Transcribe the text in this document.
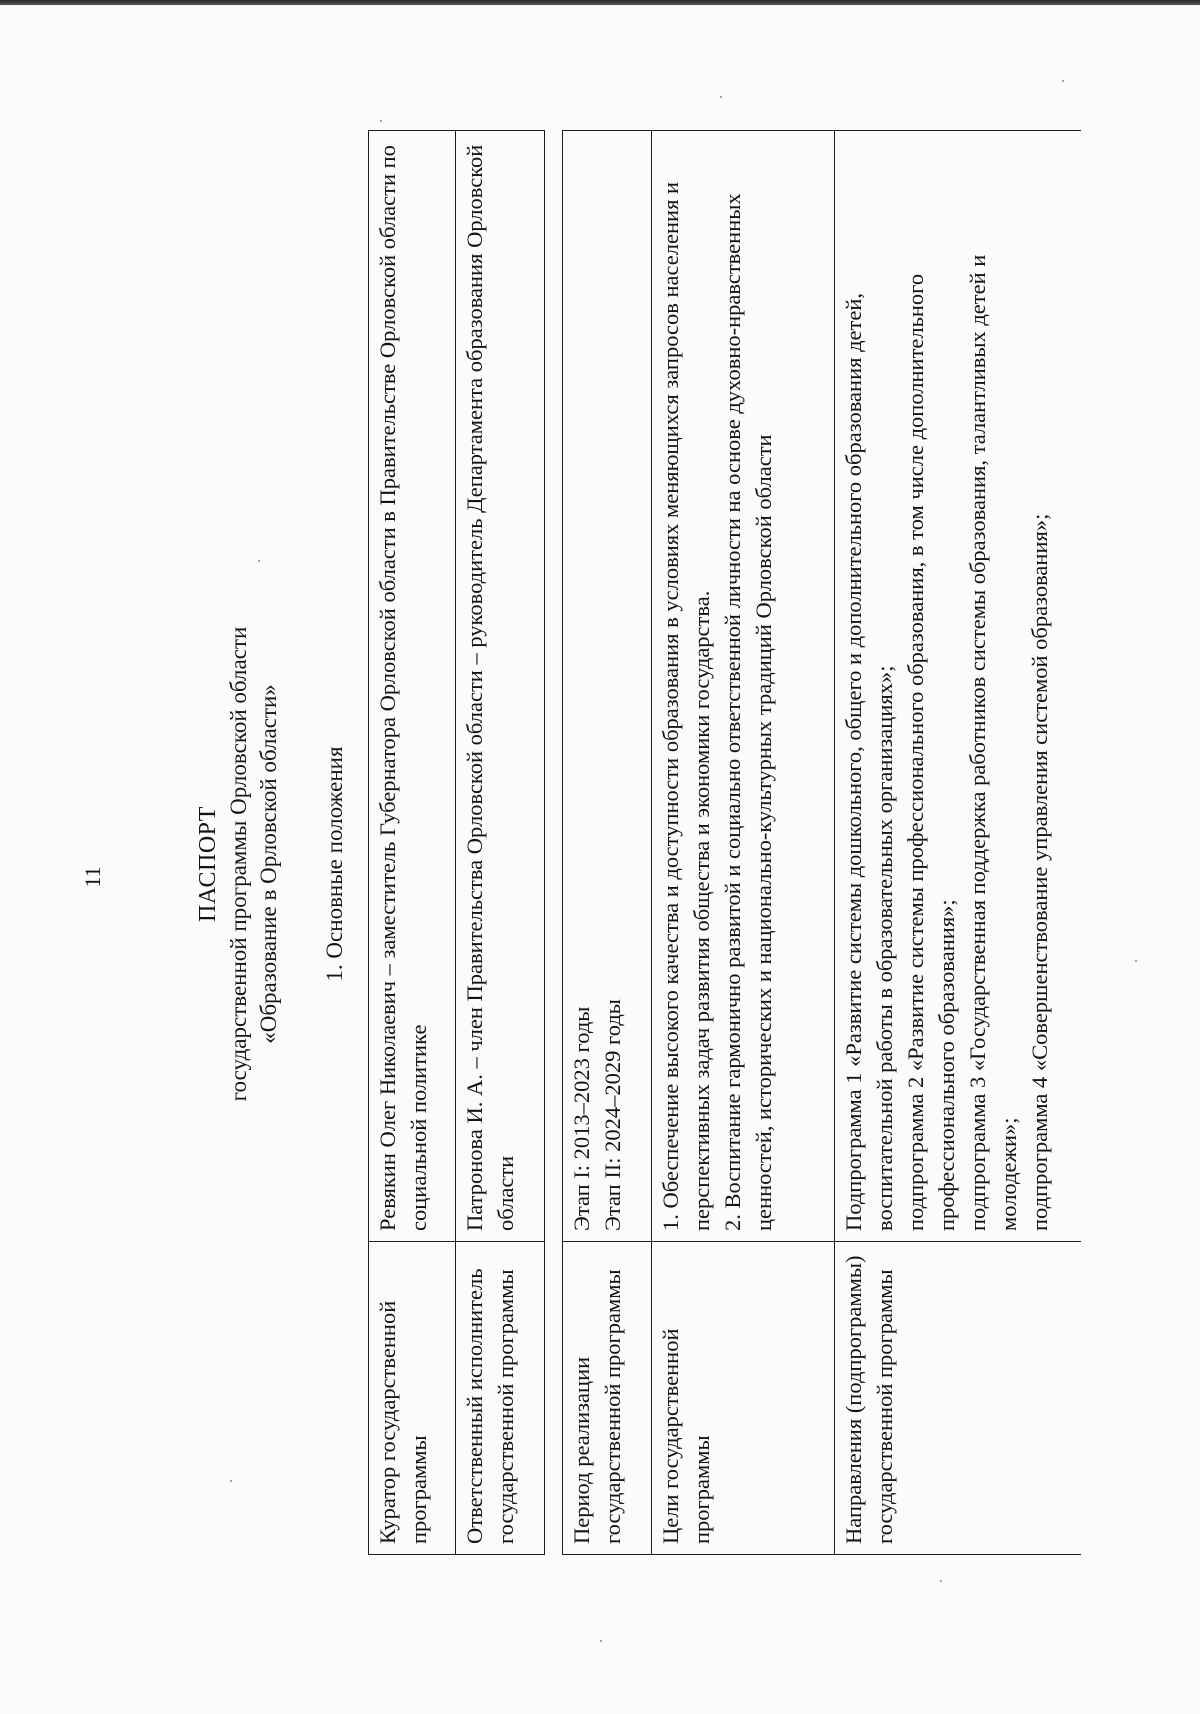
11	ПАСПОРТ государственной программы Орловской области «Образование в Орловской области» 1. Основные положения
Куратор государственной программы	Ревякин Олег Николаевич – заместитель Губернатора Орловской области в Правительстве Орловской области по социальной политике
Ответственный исполнитель государственной программы	Патронова И. А. – член Правительства Орловской области – руководитель Департамента образования Орловской области
Период реализации государственной программы	Этап I: 2013–2023 годы Этап II: 2024–2029 годы

Цели государственной программы	1. Обеспечение высокого качества и доступности образования в условиях меняющихся запросов населения и перспективных задач развития общества и экономики государства. 2. Воспитание гармонично развитой и социально ответственной личности на основе духовно-нравственных ценностей, исторических и национально-культурных традиций Орловской области

Направления (подпрограммы) государственной программы	Подпрограмма 1 «Развитие системы дошкольного, общего и дополнительного образования детей, воспитательной работы в образовательных организациях»; подпрограмма 2 «Развитие системы профессионального образования, в том числе дополнительного профессионального образования»; подпрограмма 3 «Государственная поддержка работников системы образования, талантливых детей и молодежи»; подпрограмма 4 «Совершенствование управления системой образования»;
